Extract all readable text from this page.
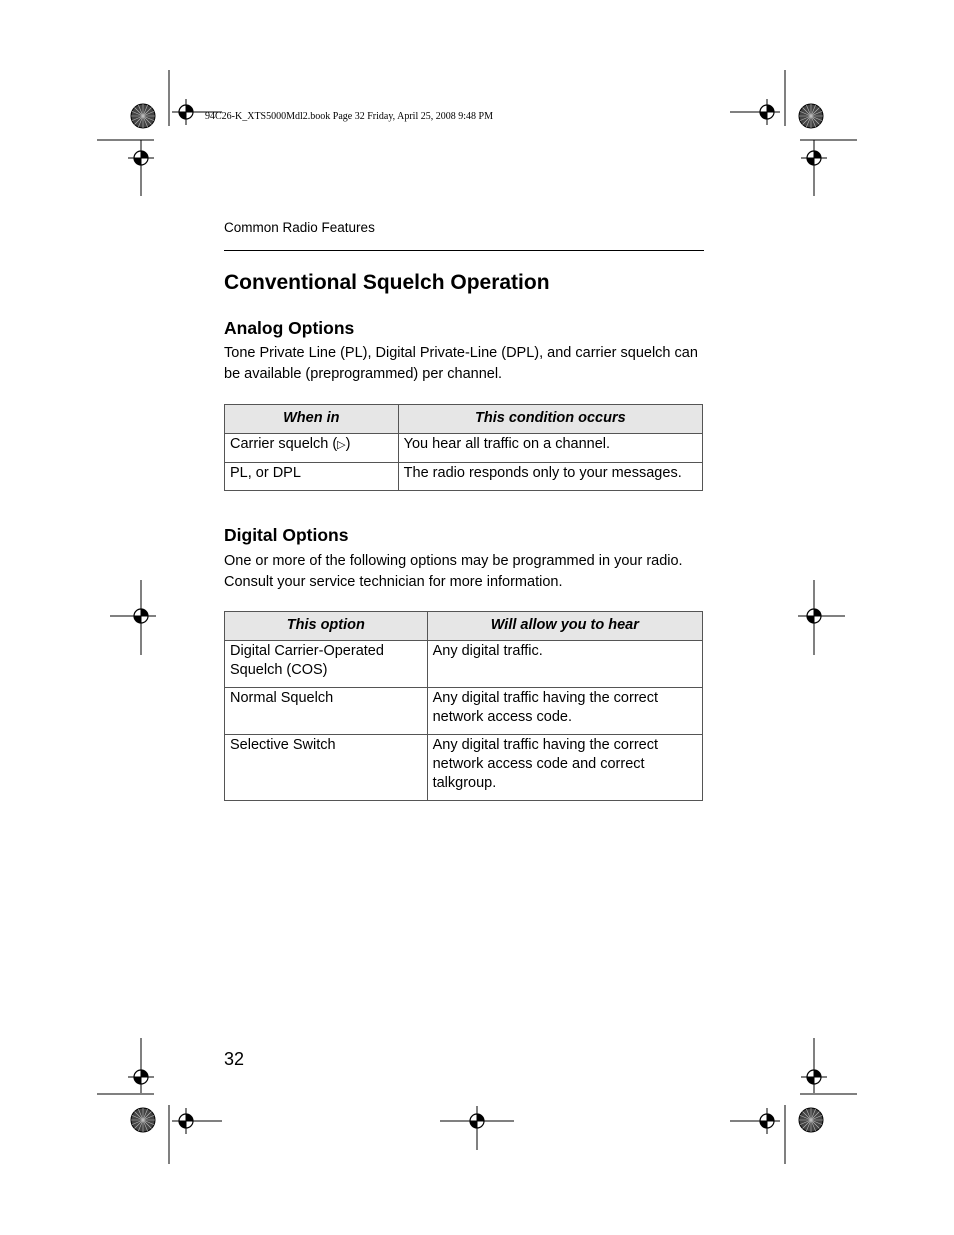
94C26-K_XTS5000Mdl2.book Page 32 Friday, April 25, 2008 9:48 PM
Common Radio Features
Conventional Squelch Operation
Analog Options
Tone Private Line (PL), Digital Private-Line (DPL), and carrier squelch can be available (preprogrammed) per channel.
When in	This condition occurs
Carrier squelch (▷)	You hear all traffic on a channel.
PL, or DPL	The radio responds only to your messages.
Digital Options
One or more of the following options may be programmed in your radio. Consult your service technician for more information.
This option	Will allow you to hear
Digital Carrier-Operated Squelch (COS)	Any digital traffic.
Normal Squelch	Any digital traffic having the correct network access code.
Selective Switch	Any digital traffic having the correct network access code and correct talkgroup.
32
